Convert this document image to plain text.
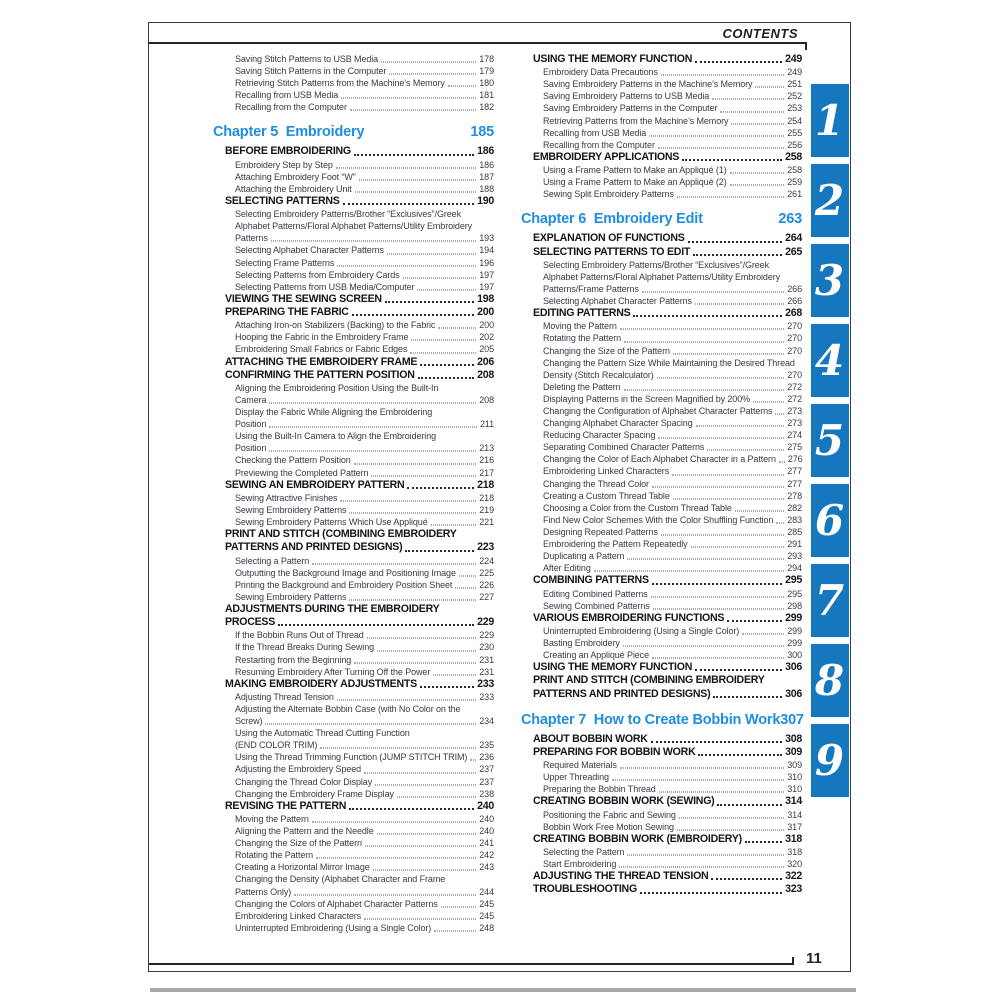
CONTENTS
Saving Stitch Patterns to USB Media	178
Saving Stitch Patterns in the Computer	179
Retrieving Stitch Patterns from the Machine’s Memory	180
Recalling from USB Media	181
Recalling from the Computer	182
Chapter 5  Embroidery	185
BEFORE EMBROIDERING	186
Embroidery Step by Step	186
Attaching Embroidery Foot “W”	187
Attaching the Embroidery Unit	188
SELECTING PATTERNS	190
Selecting Embroidery Patterns/Brother “Exclusives”/Greek
Alphabet Patterns/Floral Alphabet Patterns/Utility Embroidery
Patterns	193
Selecting Alphabet Character Patterns	194
Selecting Frame Patterns	196
Selecting Patterns from Embroidery Cards	197
Selecting Patterns from USB Media/Computer	197
VIEWING THE SEWING SCREEN	198
PREPARING THE FABRIC	200
Attaching Iron-on Stabilizers (Backing) to the Fabric	200
Hooping the Fabric in the Embroidery Frame	202
Embroidering Small Fabrics or Fabric Edges	205
ATTACHING THE EMBROIDERY FRAME	206
CONFIRMING THE PATTERN POSITION	208
Aligning the Embroidering Position Using the Built-In
Camera	208
Display the Fabric While Aligning the Embroidering
Position	211
Using the Built-In Camera to Align the Embroidering
Position	213
Checking the Pattern Position	216
Previewing the Completed Pattern	217
SEWING AN EMBROIDERY PATTERN	218
Sewing Attractive Finishes	218
Sewing Embroidery Patterns	219
Sewing Embroidery Patterns Which Use Appliqué	221
PRINT AND STITCH (COMBINING EMBROIDERY
PATTERNS AND PRINTED DESIGNS)	223
Selecting a Pattern	224
Outputting the Background Image and Positioning Image	225
Printing the Background and Embroidery Position Sheet	226
Sewing Embroidery Patterns	227
ADJUSTMENTS DURING THE EMBROIDERY
PROCESS	229
If the Bobbin Runs Out of Thread	229
If the Thread Breaks During Sewing	230
Restarting from the Beginning	231
Resuming Embroidery After Turning Off the Power	231
MAKING EMBROIDERY ADJUSTMENTS	233
Adjusting Thread Tension	233
Adjusting the Alternate Bobbin Case (with No Color on the
Screw)	234
Using the Automatic Thread Cutting Function
(END COLOR TRIM)	235
Using the Thread Trimming Function (JUMP STITCH TRIM) 236
Adjusting the Embroidery Speed	237
Changing the Thread Color Display	237
Changing the Embroidery Frame Display	238
REVISING THE PATTERN	240
Moving the Pattern	240
Aligning the Pattern and the Needle	240
Changing the Size of the Pattern	241
Rotating the Pattern	242
Creating a Horizontal Mirror Image	243
Changing the Density (Alphabet Character and Frame
Patterns Only)	244
Changing the Colors of Alphabet Character Patterns	245
Embroidering Linked Characters	245
Uninterrupted Embroidering (Using a Single Color)	248
USING THE MEMORY FUNCTION	249
Embroidery Data Precautions	249
Saving Embroidery Patterns in the Machine’s Memory	251
Saving Embroidery Patterns to USB Media	252
Saving Embroidery Patterns in the Computer	253
Retrieving Patterns from the Machine’s Memory	254
Recalling from USB Media	255
Recalling from the Computer	256
EMBROIDERY APPLICATIONS	258
Using a Frame Pattern to Make an Appliqué (1)	258
Using a Frame Pattern to Make an Appliqué (2)	259
Sewing Split Embroidery Patterns	261
Chapter 6  Embroidery Edit	263
EXPLANATION OF FUNCTIONS	264
SELECTING PATTERNS TO EDIT	265
Selecting Embroidery Patterns/Brother “Exclusives”/Greek
Alphabet Patterns/Floral Alphabet Patterns/Utility Embroidery
Patterns/Frame Patterns	266
Selecting Alphabet Character Patterns	266
EDITING PATTERNS	268
Moving the Pattern	270
Rotating the Pattern	270
Changing the Size of the Pattern	270
Changing the Pattern Size While Maintaining the Desired Thread
Density (Stitch Recalculator)	270
Deleting the Pattern	272
Displaying Patterns in the Screen Magnified by 200%	272
Changing the Configuration of Alphabet Character Patterns 273
Changing Alphabet Character Spacing	273
Reducing Character Spacing	274
Separating Combined Character Patterns	275
Changing the Color of Each Alphabet Character in a Pattern 276
Embroidering Linked Characters	277
Changing the Thread Color	277
Creating a Custom Thread Table	278
Choosing a Color from the Custom Thread Table	282
Find New Color Schemes With the Color Shuffling Function 283
Designing Repeated Patterns	285
Embroidering the Pattern Repeatedly	291
Duplicating a Pattern	293
After Editing	294
COMBINING PATTERNS	295
Editing Combined Patterns	295
Sewing Combined Patterns	298
VARIOUS EMBROIDERING FUNCTIONS	299
Uninterrupted Embroidering (Using a Single Color)	299
Basting Embroidery	299
Creating an Appliqué Piece	300
USING THE MEMORY FUNCTION	306
PRINT AND STITCH (COMBINING EMBROIDERY
PATTERNS AND PRINTED DESIGNS)	306
Chapter 7  How to Create Bobbin Work 307
ABOUT BOBBIN WORK	308
PREPARING FOR BOBBIN WORK	309
Required Materials	309
Upper Threading	310
Preparing the Bobbin Thread	310
CREATING BOBBIN WORK (SEWING)	314
Positioning the Fabric and Sewing	314
Bobbin Work Free Motion Sewing	317
CREATING BOBBIN WORK (EMBROIDERY)	318
Selecting the Pattern	318
Start Embroidering	320
ADJUSTING THE THREAD TENSION	322
TROUBLESHOOTING	323
1
2
3
4
5
6
7
8
9
11
